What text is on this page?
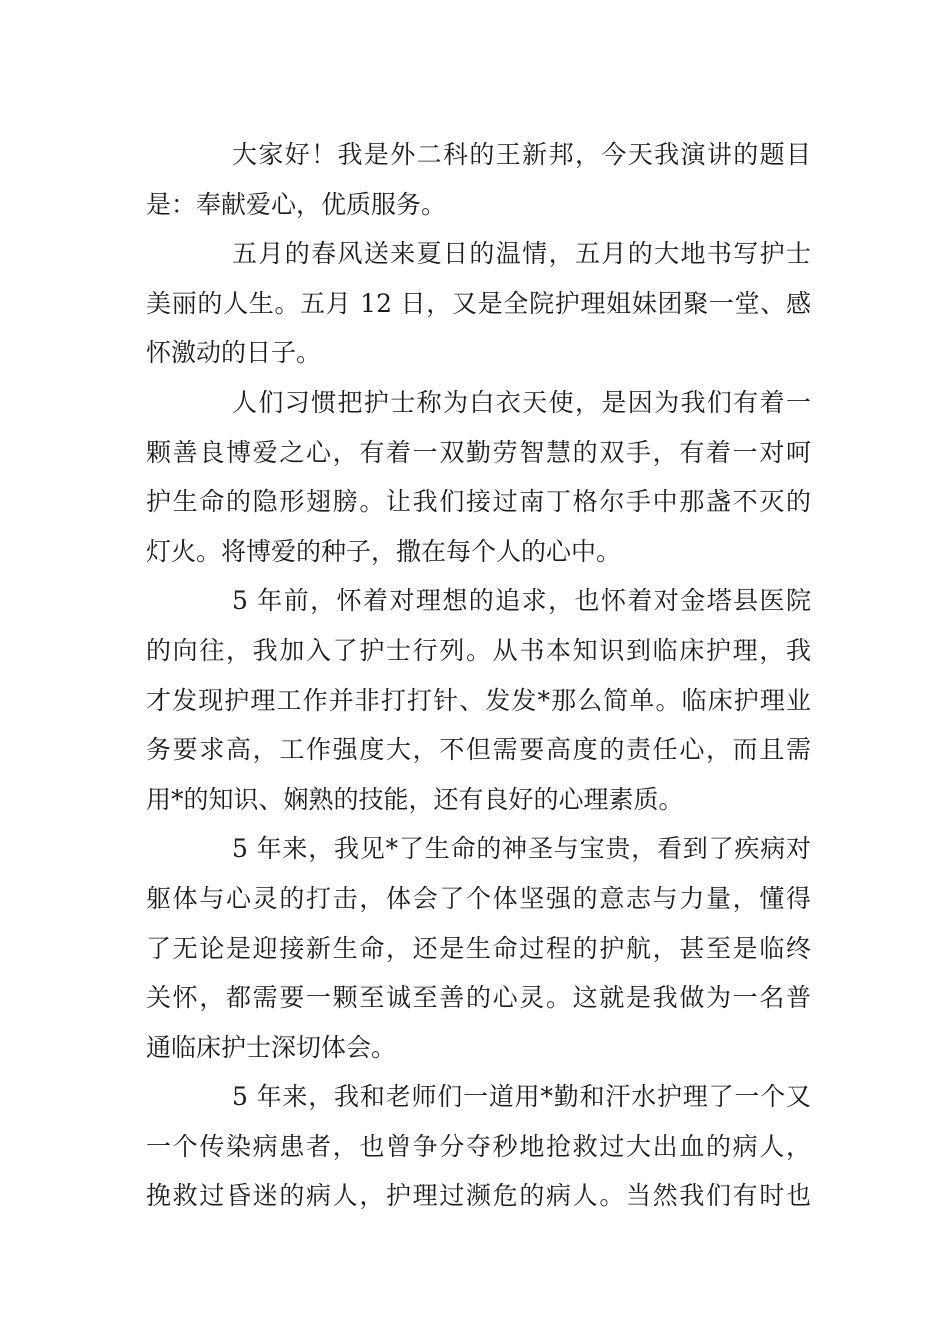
大家好！我是外二科的王新邦，今天我演讲的题目
是：奉献爱心，优质服务。
五月的春风送来夏日的温情，五月的大地书写护士
美丽的人生。五月 12 日，又是全院护理姐妹团聚一堂、感
怀激动的日子。
人们习惯把护士称为白衣天使，是因为我们有着一
颗善良博爱之心，有着一双勤劳智慧的双手，有着一对呵
护生命的隐形翅膀。让我们接过南丁格尔手中那盏不灭的
灯火。将博爱的种子，撒在每个人的心中。
5 年前，怀着对理想的追求，也怀着对金塔县医院
的向往，我加入了护士行列。从书本知识到临床护理，我
才发现护理工作并非打打针、发发*那么简单。临床护理业
务要求高，工作强度大，不但需要高度的责任心，而且需
用*的知识、娴熟的技能，还有良好的心理素质。
5 年来，我见*了生命的神圣与宝贵，看到了疾病对
躯体与心灵的打击，体会了个体坚强的意志与力量，懂得
了无论是迎接新生命，还是生命过程的护航，甚至是临终
关怀，都需要一颗至诚至善的心灵。这就是我做为一名普
通临床护士深切体会。
5 年来，我和老师们一道用*勤和汗水护理了一个又
一个传染病患者，也曾争分夺秒地抢救过大出血的病人，
挽救过昏迷的病人，护理过濒危的病人。当然我们有时也
